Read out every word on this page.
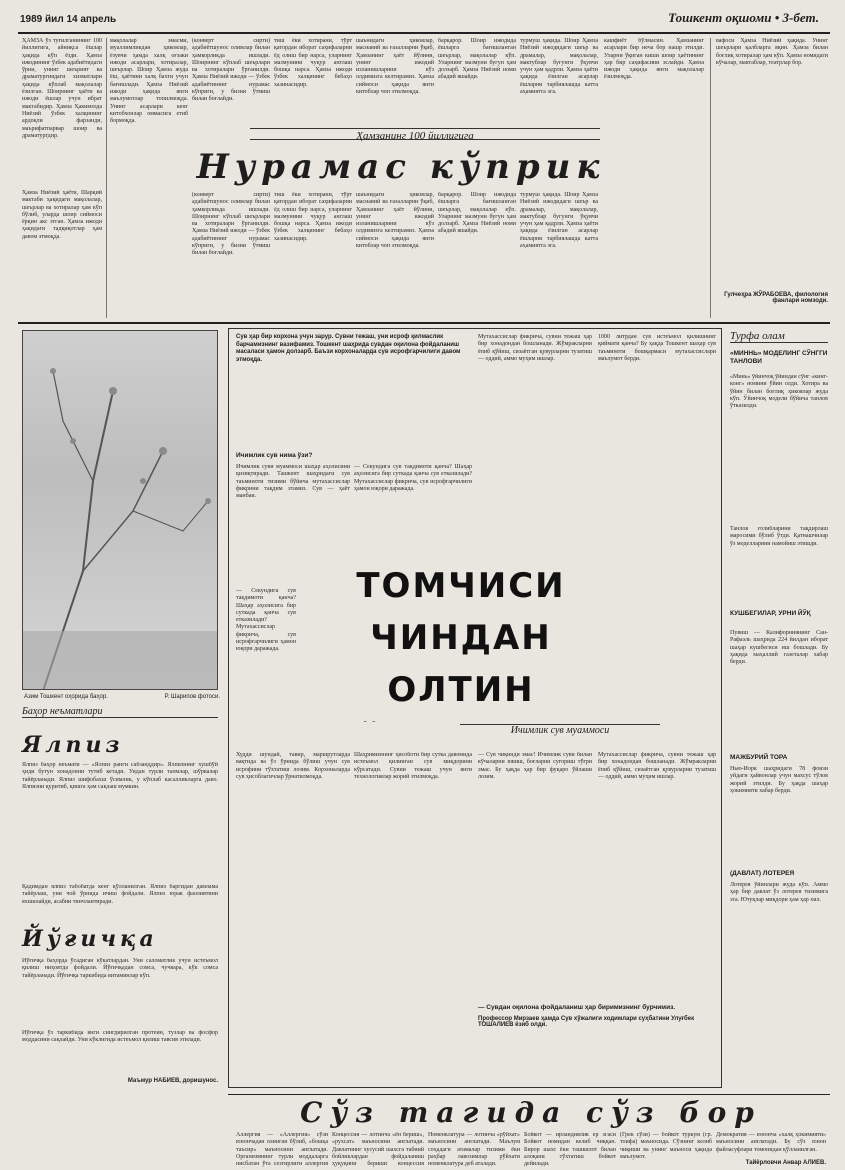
1989 йил 14 апрель	Тошкент оқшоми • 3-бет.
ҲАМЗА ўз туғилганининг 100 йиллигига, айниқса ёшлар ҳақида кўп ёзди. Ҳамза ижодининг ўзбек адабиётидаги ўрни, унинг шеърият ва драматургиядаги хизматлари ҳақида кўплаб мақолалар ёзилган. Шоирнинг ҳаёти ва ижоди ёшлар учун ибрат мактабидир. Ҳамза Ҳакимзода Ниёзий ўзбек халқининг ардоқли фарзанди, маърифатпарвар шоир ва драматургдир.
Ҳамза Ниёзий ҳаёти, Шарқий мактаби ҳақидаги мақолалар, шеърлар ва хотиралар ҳам кўп бўлиб, уларда шоир сиймоси ёрқин акс этган. Ҳамза ижоди ҳақидаги тадқиқотлар ҳам давом этмоқда.
мақолалар эмасми, муаллимликдан ҳикоялар, ёзувчи ҳамда халқ оғзаки ижоди асарлари, хотиралар, шеърлар. Шоир Ҳамза жуда ёш, ҳаётини халқ бахти учун бағишлади. Ҳамза Ниёзий ижоди ҳақида янги маълумотлар топилмоқда. Унинг асарлари кенг китобхонлар оммасига етиб бормоқда.
(конверт сирти) адабиётшунос олимлар билан ҳамкорликда ишлади. Шоирнинг кўплаб шеърлари ва хотиралари ўрганилди. Ҳамза Ниёзий ижоди — ўзбек адабиётининг нурамас кўприги, у бизни ўтмиш билан боғлайди.
тиш ёки хотирани, тўрт қатордан иборат саҳифаларни ёд олиш бир нарса, уларнинг мазмунини чуқур англаш бошқа нарса. Ҳамза ижоди ўзбек халқининг бебаҳо хазинасидир.
шаънидаги ҳикоялар, маснавий ва ғазалларни ўқиб, Ҳамзанинг ҳаёт йўлини, унинг ижодий изланишларини кўз олдимизга келтирамиз. Ҳамза сиймоси ҳақида янги китоблар чоп этилмоқда.
барқарор. Шоир ижодида ёшларга бағишланган шеърлар, мақолалар кўп. Уларнинг мазмуни бугун ҳам долзарб. Ҳамза Ниёзий номи абадий яшайди.
турмуш ҳақида. Шоир Ҳамза Ниёзий ижодидаги шеър ва драмалар, мақолалар, мактублар бугунги ўқувчи учун ҳам қадрли. Ҳамза ҳаёти ҳақида ёзилган асарлар ёшларни тарбиялашда катта аҳамиятга эга.
кашфиёт бўлмасин. Ҳамзанинг асарлари бир неча бор нашр этилди. Уларни ўқиган киши шоир ҳаётининг ҳар бир саҳифасини эслайди. Ҳамза ижоди ҳақида янги мақолалар ёзилмоқда.
вафоси Ҳамза Ниёзий ҳақида. Унинг шеърлари қалбларга яқин. Ҳамза билан боғлиқ хотиралар ҳам кўп. Ҳамза номидаги кўчалар, мактаблар, театрлар бор.
Гулчеҳра ЖЎРАБОЕВА, филология фанлари номзоди.
Ҳамзанинг 100 йиллигига
Нурамас кўприк
(конверт сирти) адабиётшунос олимлар билан ҳамкорликда ишлади. Шоирнинг кўплаб шеърлари ва хотиралари ўрганилди. Ҳамза Ниёзий ижоди — ўзбек адабиётининг нурамас кўприги, у бизни ўтмиш билан боғлайди.
тиш ёки хотирани, тўрт қатордан иборат саҳифаларни ёд олиш бир нарса, уларнинг мазмунини чуқур англаш бошқа нарса. Ҳамза ижоди ўзбек халқининг бебаҳо хазинасидир.
шаънидаги ҳикоялар, маснавий ва ғазалларни ўқиб, Ҳамзанинг ҳаёт йўлини, унинг ижодий изланишларини кўз олдимизга келтирамиз. Ҳамза сиймоси ҳақида янги китоблар чоп этилмоқда.
барқарор. Шоир ижодида ёшларга бағишланган шеърлар, мақолалар кўп. Уларнинг мазмуни бугун ҳам долзарб. Ҳамза Ниёзий номи абадий яшайди.
турмуш ҳақида. Шоир Ҳамза Ниёзий ижодидаги шеър ва драмалар, мақолалар, мактублар бугунги ўқувчи учун ҳам қадрли. Ҳамза ҳаёти ҳақида ёзилган асарлар ёшларни тарбиялашда катта аҳамиятга эга.
Азим Тошкент оҳорида баҳор.	Р. Шарипов фотоси.
Баҳор неъматлари
Ялпиз
Ялпиз баҳор неъмати — «Ялпиз ранги сабзанддир». Ялпизнинг хушбўй ҳиди бутун хонадонни тутиб кетади. Ундан турли таомлар, шўрвалар тайёрланади. Ялпиз шифобахш ўсимлик, у кўплаб касалликларга даво. Ялпизни қуритиб, қишга ҳам сақлаш мумкин.
Қадимдан ялпиз табобатда кенг қўлланилган. Ялпиз баргидан дамлама тайёрлаш, уни чой ўрнида ичиш фойдали. Ялпиз юрак фаолиятини яхшилайди, асабни тинчлантиради.
Йўғичқа
Йўғичқа баҳорда ўсадиган кўкатлардан. Уни саломатлик учун истеъмол қилиш ниҳоятда фойдали. Йўғичқадан сомса, чучвара, кўк сомса тайёрланади. Йўғичқа таркибида витаминлар кўп.
Йўғичқа ўз таркибида янги сингдирилган протеин, тузлар ва фосфор моддасини сақлайди. Уни кўклигида истеъмол қилиш тавсия этилади.
Маъмур НАБИЕВ, доришунос.
Сув ҳар бир корхона учун зарур. Сувни тежаш, уни исроф қилмаслик барчамизнинг вазифамиз. Тошкент шаҳрида сувдан оқилона фойдаланиш масаласи ҳамон долзарб. Баъзи корхоналарда сув исрофгарчилиги давом этмоқда.
Ичимлик сув нима ўзи?
Ичимлик суви муаммоси шаҳар аҳолисини қизиқтиради. Ташкент шаҳридаги сув таъминоти тизими бўйича мутахассислар фикрини тақдим этамиз. Сув — ҳаёт манбаи.
— Секундига сув тақдимоти қанча? Шаҳар аҳолисига бир суткада қанча сув етказилади? Мутахассислар фикрича, сув исрофгарчилиги ҳамон юқори даражада.
Мутахассислар фикрича, сувни тежаш ҳар бир хонадондан бошланади. Жўмракларни ёпиб қўйиш, сизаётган қувурларни тузатиш — оддий, аммо муҳим ишлар.
1000 литрдан сув истеъмол қилишнинг қиймати қанча? Бу ҳақда Тошкент шаҳар сув таъминоти бошқармаси мутахассислари маълумот берди.
ТОМЧИСИ ЧИНДАН ОЛТИН
Ичимлик сув муаммоси
— Секундига сув тақдимоти қанча? Шаҳар аҳолисига бир суткада қанча сув етказилади? Мутахассислар фикрича, сув исрофгарчилиги ҳамон юқори даражада.
Худди шундай, тавир, маршрутларда вақтида ва ўз ўрнида бўлиш учун сув исрофини тўхтатиш лозим. Корхоналарда сув ҳисоблагичлар ўрнатилмоқда.
Шаҳримизнинг ҳисоботи бир сутка давомида истеъмол қилинган сув миқдорини кўрсатади. Сувни тежаш учун янги технологиялар жорий этилмоқда.
— Сув чиқинди эмас! Ичимлик суви билан кўчаларни ювиш, боғларни суғориш тўғри эмас. Бу ҳақда ҳар бир фуқаро ўйлаши лозим.
Мутахассислар фикрича, сувни тежаш ҳар бир хонадондан бошланади. Жўмракларни ёпиб қўйиш, сизаётган қувурларни тузатиш — оддий, аммо муҳим ишлар.
— Сувдан оқилона фойдаланиш ҳар биримизнинг бурчимиз.
Профессор Мирзаев ҳамда Сув хўжалиги ходимлари суҳбатини Улуғбек ТОШАЛИЕВ ёзиб олди.
Турфа олам
«МИННЬ» МОДЕЛИНГ СЎНГГИ ТАНЛОВИ
«Минь» ўйинчоқ ўйиндан сўнг «кинг-конг» номини ўйин олди. Хотира ва ўйин билан боғлиқ ҳикоялар жуда кўп. Ўйинчоқ модели бўйича танлов ўтказилди.
Танлов ғолибларини тақдирлаш маросими бўлиб ўтди. Қатнашчилар ўз моделларини намойиш этишди.
КУШБЕГИЛАР, УРНИ ЙЎҚ
Пувиш — Калифорниянинг Сан-Рафаэль шаҳрида 224 йилдан иборат шаҳар кушбегиси иш бошлади. Бу ҳақида маҳаллий газеталар хабар берди.
МАЖБУРИЙ ТОРА
Нью-Йорк шаҳридаги 78 фоизи уйдаги ҳайвонлар учун махсус тўлов жорий этилди. Бу ҳақда шаҳар ҳокимияти хабар берди.
(ДАВЛАТ) ЛОТЕРЕЯ
Лотерея ўйинлари жуда кўп. Аммо ҳар бир давлат ўз лотерея тизимига эга. Ютуқлар миқдори ҳам ҳар хил.
Сўз тагида сўз бор
Аллергия — «Аллергия» сўзи юнончадан олинган бўлиб, «бошқа таъсир» маъносини англатади. Организмнинг турли моддаларга нисбатан ўта сезгирлиги аллергия
Концессия — лотинча «ён бериш», «рухсат» маъносини англатади. Давлатнинг хусусий шахсга табиий бойликлардан фойдаланиш ҳуқуқини бериши концессия
Номенклатура — лотинча «рўйхат» маъносини англатади. Маълум соҳадаги атамалар тизими ёки раҳбар лавозимлар рўйхати номенклатура деб аталади.
Бойкот — ирландиялик ер эгаси Бойкот номидан келиб чиққан. Бирор шахс ёки ташкилот билан алоқани тўхтатиш бойкот дейилади.
(Грек сўзи) — бойкот туркум (гр. тоифа) маъносида. Сўзнинг келиб чиқиши ва унинг маъноси ҳақида маълумот.
Демократия — юнонча «халқ ҳокимияти» маъносини англатади. Бу сўз юнон файласуфлари томонидан қўлланилган.
Тайёрловчи Анвар АЛИЕВ.
